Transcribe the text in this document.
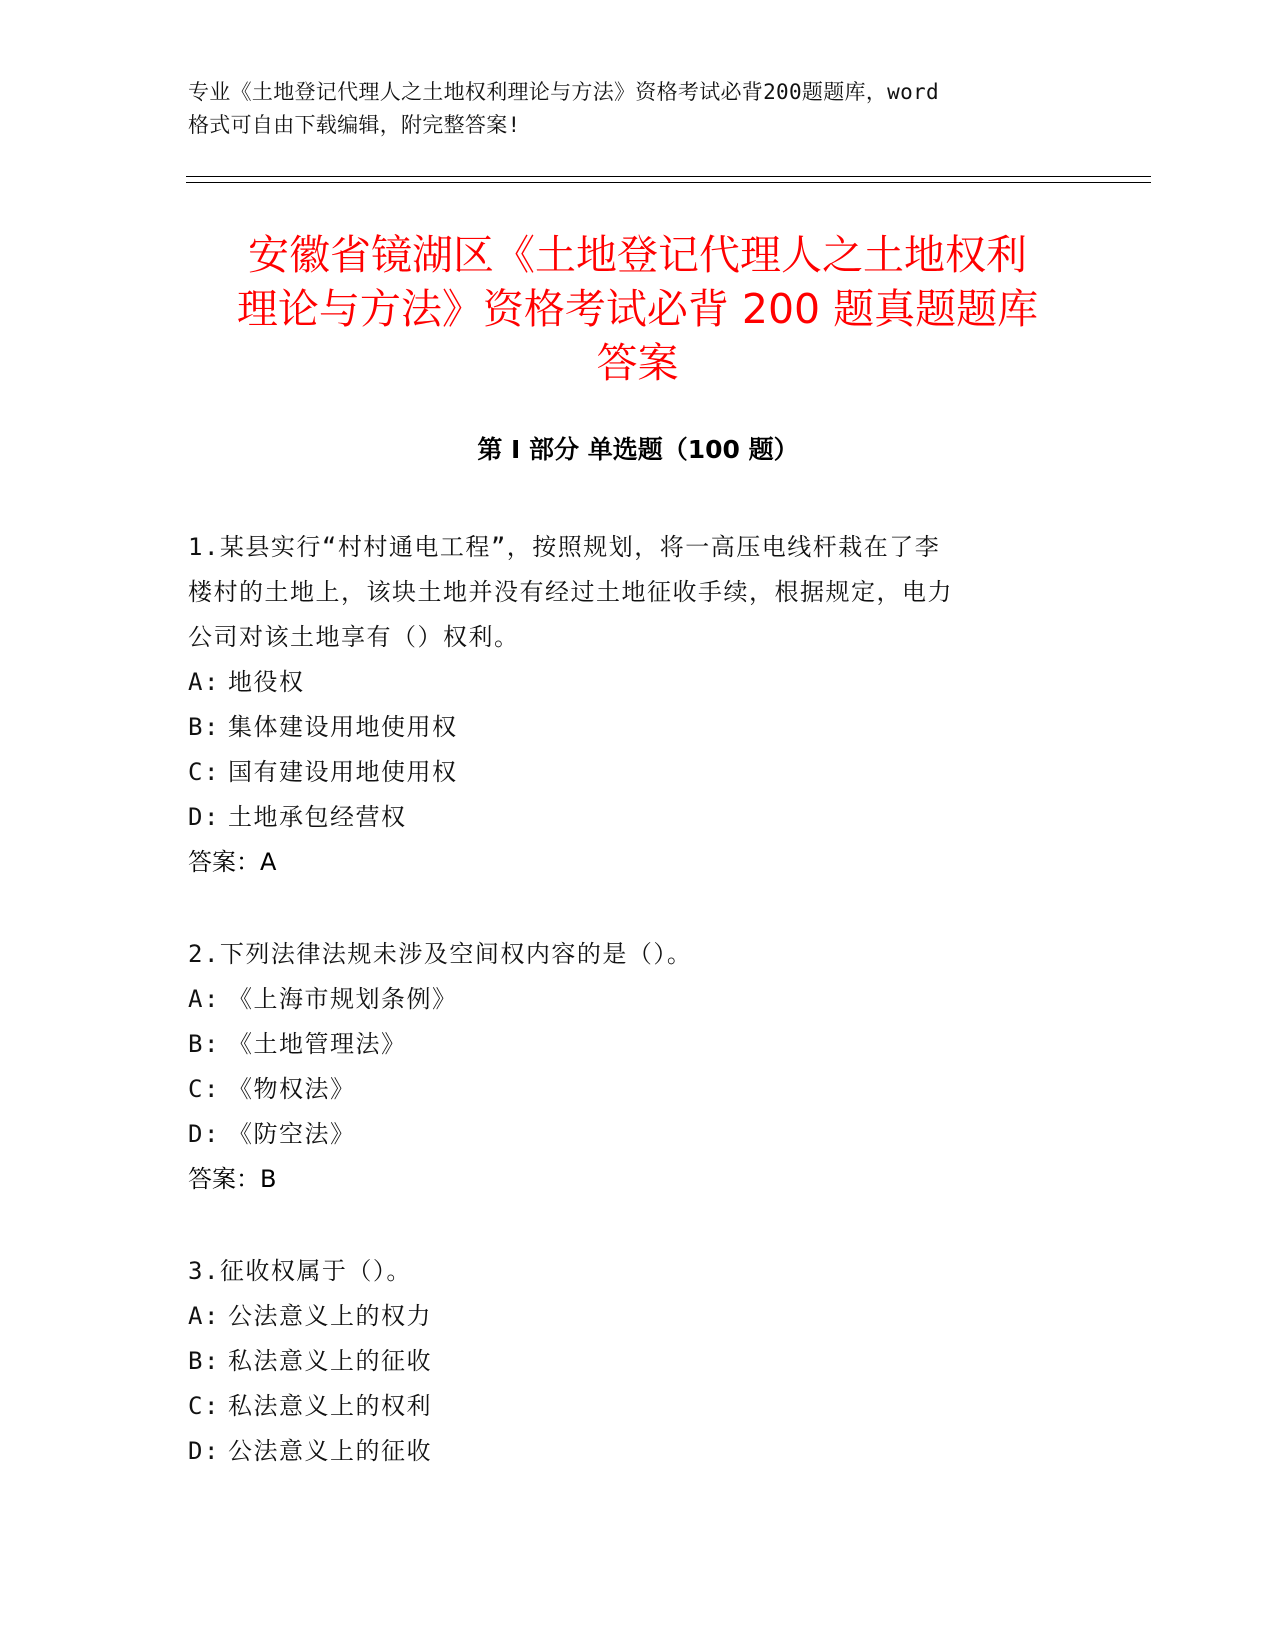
专业《土地登记代理人之土地权利理论与方法》资格考试必背200题题库，word
格式可自由下载编辑，附完整答案!
安徽省镜湖区《土地登记代理人之土地权利
理论与方法》资格考试必背 200 题真题题库
答案
第 I 部分 单选题（100 题）

1.某县实行“村村通电工程”，按照规划，将一高压电线杆栽在了李

楼村的土地上，该块土地并没有经过土地征收手续，根据规定，电力

公司对该土地享有（）权利。

A: 地役权

B: 集体建设用地使用权

C: 国有建设用地使用权

D: 土地承包经营权

答案：A

2.下列法律法规未涉及空间权内容的是（）。

A: 《上海市规划条例》

B: 《土地管理法》

C: 《物权法》

D: 《防空法》

答案：B

3.征收权属于（）。

A: 公法意义上的权力

B: 私法意义上的征收

C: 私法意义上的权利

D: 公法意义上的征收
